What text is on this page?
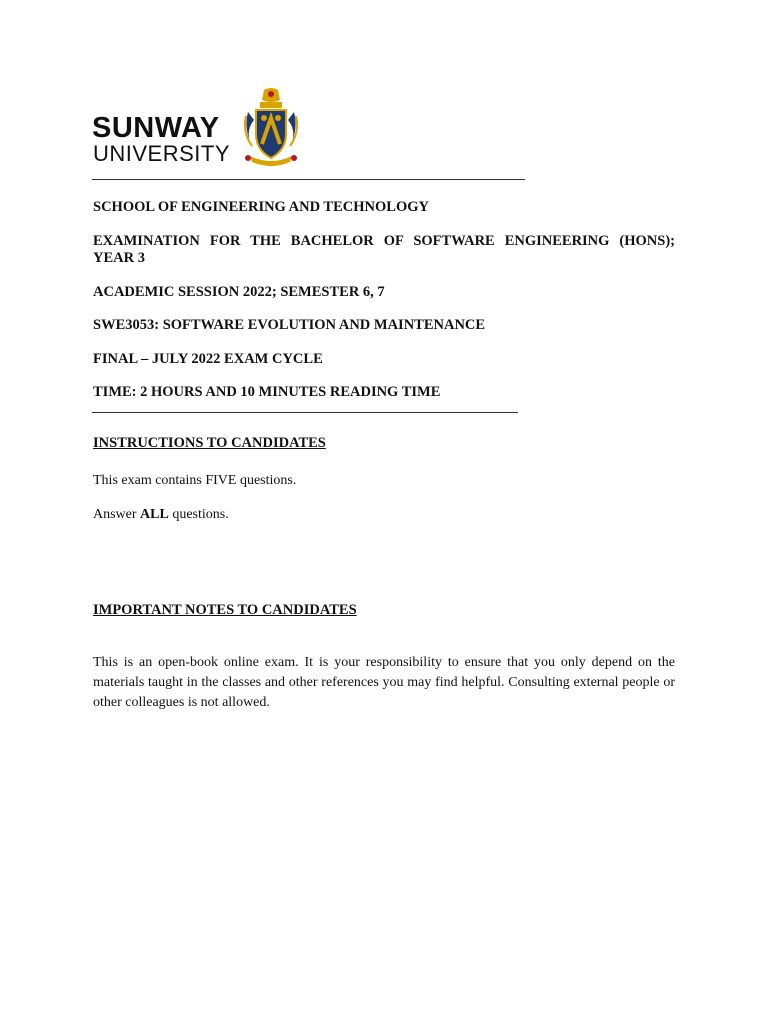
SUNWAY
UNIVERSITY
SCHOOL OF ENGINEERING AND TECHNOLOGY
EXAMINATION FOR THE BACHELOR OF SOFTWARE ENGINEERING (HONS);
YEAR 3
ACADEMIC SESSION 2022; SEMESTER 6, 7
SWE3053: SOFTWARE EVOLUTION AND MAINTENANCE
FINAL – JULY 2022 EXAM CYCLE
TIME: 2 HOURS AND 10 MINUTES READING TIME
INSTRUCTIONS TO CANDIDATES
This exam contains FIVE questions.
Answer ALL questions.
IMPORTANT NOTES TO CANDIDATES
This is an open-book online exam. It is your responsibility to ensure that you only depend on the materials taught in the classes and other references you may find helpful. Consulting external people or other colleagues is not allowed.
